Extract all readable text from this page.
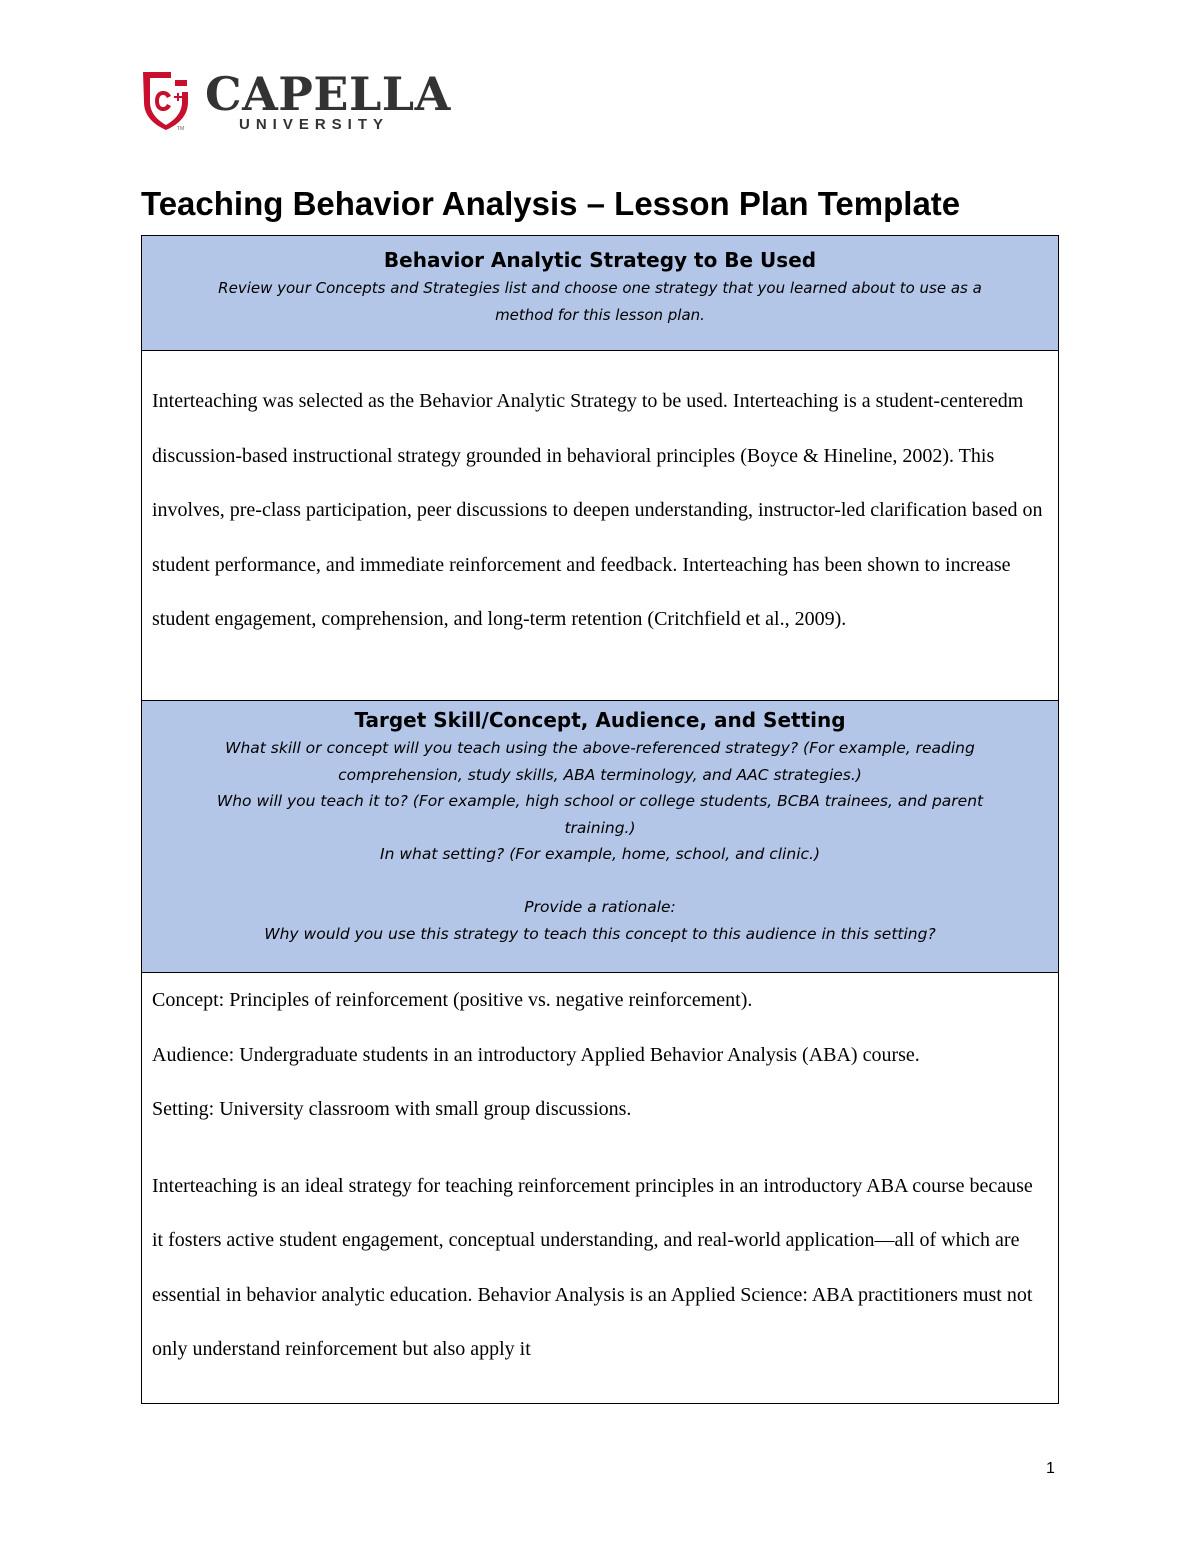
TM
CAPELLA
UNIVERSITY
Teaching Behavior Analysis – Lesson Plan Template
Behavior Analytic Strategy to Be Used
Review your Concepts and Strategies list and choose one strategy that you learned about to use as a
method for this lesson plan.
Interteaching was selected as the Behavior Analytic Strategy to be used. Interteaching is a student-centeredm discussion-based instructional strategy grounded in behavioral principles (Boyce & Hineline, 2002). This involves, pre-class participation, peer discussions to deepen understanding, instructor-led clarification based on student performance, and immediate reinforcement and feedback. Interteaching has been shown to increase student engagement, comprehension, and long-term retention (Critchfield et al., 2009).
Target Skill/Concept, Audience, and Setting
What skill or concept will you teach using the above-referenced strategy? (For example, reading
comprehension, study skills, ABA terminology, and AAC strategies.)
Who will you teach it to? (For example, high school or college students, BCBA trainees, and parent
training.)
In what setting? (For example, home, school, and clinic.)
Provide a rationale:
Why would you use this strategy to teach this concept to this audience in this setting?

Concept: Principles of reinforcement (positive vs. negative reinforcement).

Audience: Undergraduate students in an introductory Applied Behavior Analysis (ABA) course.

Setting: University classroom with small group discussions.

Interteaching is an ideal strategy for teaching reinforcement principles in an introductory ABA course because it fosters active student engagement, conceptual understanding, and real-world application—all of which are essential in behavior analytic education. Behavior Analysis is an Applied Science: ABA practitioners must not only understand reinforcement but also apply it

1
